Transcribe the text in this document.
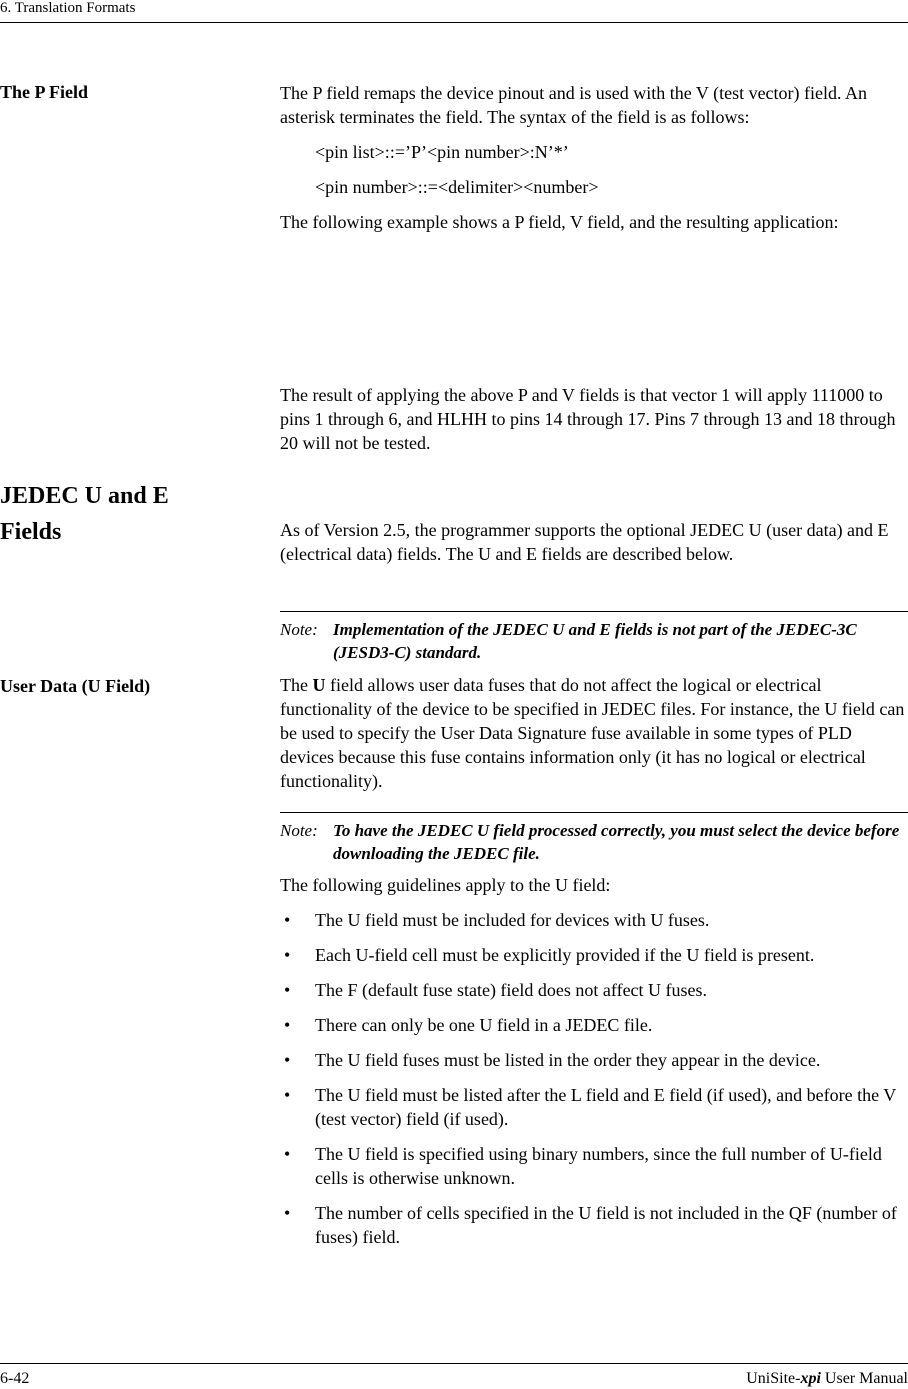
6. Translation Formats
The P Field	The P field remaps the device pinout and is used with the V (test vector) field. An asterisk terminates the field. The syntax of the field is as follows:

<pin list>::=’P’<pin number>:N’*’

<pin number>::=<delimiter><number>

The following example shows a P field, V field, and the resulting application:

The result of applying the above P and V fields is that vector 1 will apply 111000 to pins 1 through 6, and HLHH to pins 14 through 17. Pins 7 through 13 and 18 through 20 will not be tested.
JEDEC U and E
Fields	As of Version 2.5, the programmer supports the optional JEDEC U (user data) and E (electrical data) fields. The U and E fields are described below.
Note: Implementation of the JEDEC U and E fields is not part of the JEDEC-3C (JESD3-C) standard.
User Data (U Field)	The U field allows user data fuses that do not affect the logical or electrical functionality of the device to be specified in JEDEC files. For instance, the U field can be used to specify the User Data Signature fuse available in some types of PLD devices because this fuse contains information only (it has no logical or electrical functionality).
Note: To have the JEDEC U field processed correctly, you must select the device before downloading the JEDEC file.
The following guidelines apply to the U field:
• The U field must be included for devices with U fuses.
• Each U-field cell must be explicitly provided if the U field is present.
• The F (default fuse state) field does not affect U fuses.
• There can only be one U field in a JEDEC file.
• The U field fuses must be listed in the order they appear in the device.
• The U field must be listed after the L field and E field (if used), and before the V (test vector) field (if used).
• The U field is specified using binary numbers, since the full number of U-field cells is otherwise unknown.
• The number of cells specified in the U field is not included in the QF (number of fuses) field.
6-42	UniSite-xpi User Manual
